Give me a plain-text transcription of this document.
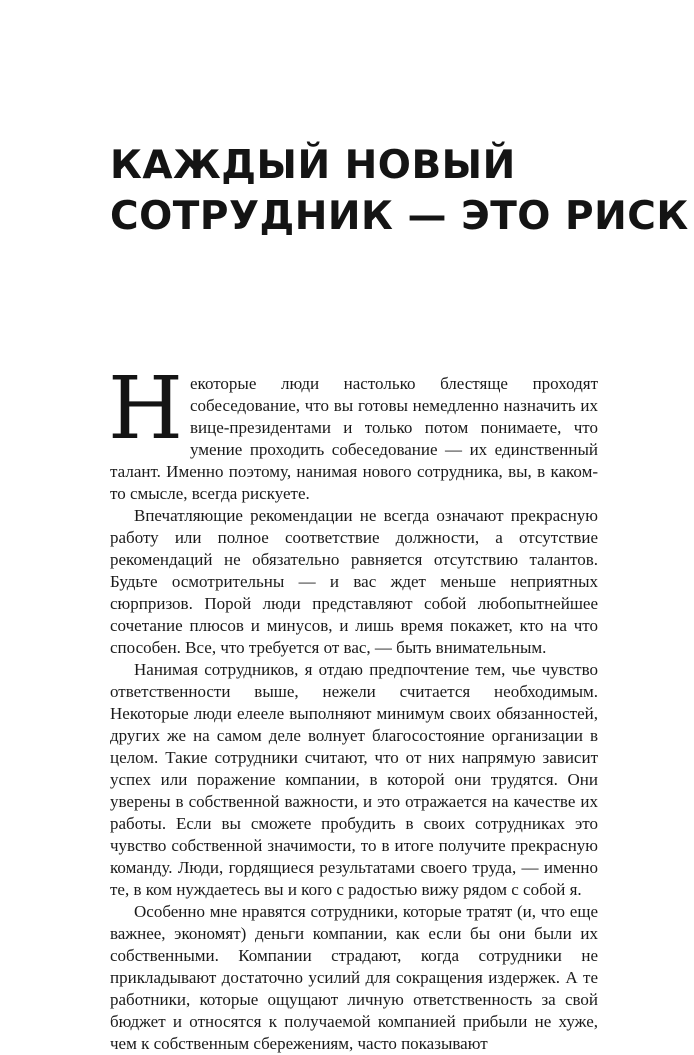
КАЖДЫЙ НОВЫЙ
СОТРУДНИК — ЭТО РИСК

Некоторые люди настолько блестяще проходят собеседование, что вы готовы немедленно назначить их вице-президентами и только потом понимаете, что умение проходить собеседование — их единственный талант. Именно поэтому, нанимая нового сотрудника, вы, в каком-то смысле, всегда рискуете.

Впечатляющие рекомендации не всегда означают прекрасную работу или полное соответствие должности, а отсутствие рекомендаций не обязательно равняется отсутствию талантов. Будьте осмотрительны — и вас ждет меньше неприятных сюрпризов. Порой люди представляют собой любопытнейшее сочетание плюсов и минусов, и лишь время покажет, кто на что способен. Все, что требуется от вас, — быть внимательным.

Нанимая сотрудников, я отдаю предпочтение тем, чье чувство ответственности выше, нежели считается необходимым. Некоторые люди елееле выполняют минимум своих обязанностей, других же на самом деле волнует благосостояние организации в целом. Такие сотрудники считают, что от них напрямую зависит успех или поражение компании, в которой они трудятся. Они уверены в собственной важности, и это отражается на качестве их работы. Если вы сможете пробудить в своих сотрудниках это чувство собственной значимости, то в итоге получите прекрасную команду. Люди, гордящиеся результатами своего труда, — именно те, в ком нуждаетесь вы и кого с радостью вижу рядом с собой я.

Особенно мне нравятся сотрудники, которые тратят (и, что еще важнее, экономят) деньги компании, как если бы они были их собственными. Компании страдают, когда сотрудники не прикладывают достаточно усилий для сокращения издержек. А те работники, которые ощущают личную ответственность за свой бюджет и относятся к получаемой компанией прибыли не хуже, чем к собственным сбережениям, часто показывают
